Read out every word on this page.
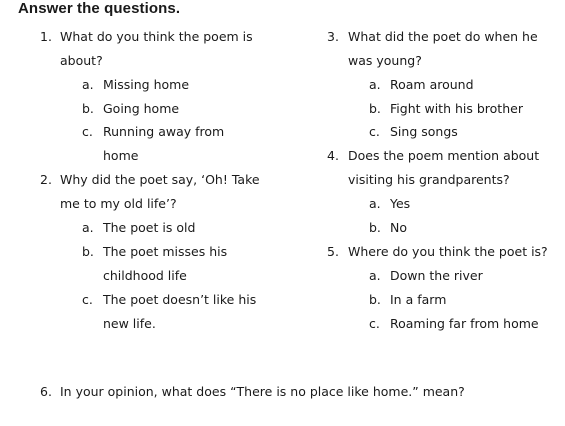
Answer the questions.
1. What do you think the poem is
about?
a. Missing home
b. Going home
c. Running away from
home
2. Why did the poet say, ‘Oh! Take
me to my old life’?
a. The poet is old
b. The poet misses his
childhood life
c. The poet doesn’t like his
new life.
3. What did the poet do when he
was young?
a. Roam around
b. Fight with his brother
c. Sing songs
4. Does the poem mention about
visiting his grandparents?
a. Yes
b. No
5. Where do you think the poet is?
a. Down the river
b. In a farm
c. Roaming far from home
6. In your opinion, what does “There is no place like home.” mean?
